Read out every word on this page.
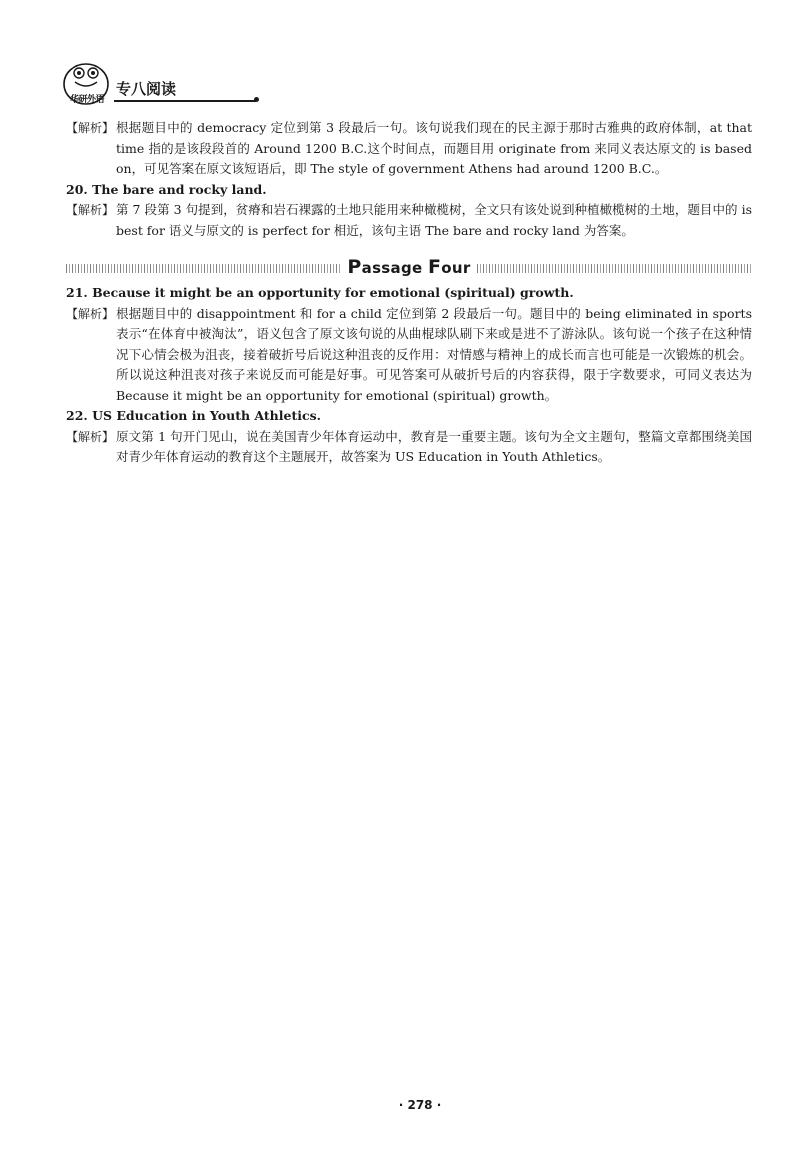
华研外语
专八阅读
【解析】 根据题目中的 democracy 定位到第 3 段最后一句。该句说我们现在的民主源于那时古雅典的政府体制，at that time 指的是该段段首的 Around 1200 B.C.这个时间点，而题目用 originate from 来同义表达原文的 is based on，可见答案在原文该短语后，即 The style of government Athens had around 1200 B.C.。

20. The bare and rocky land.

【解析】 第 7 段第 3 句提到，贫瘠和岩石裸露的土地只能用来种橄榄树，全文只有该处说到种植橄榄树的土地，题目中的 is best for 语义与原文的 is perfect for 相近，该句主语 The bare and rocky land 为答案。
Passage Four

21. Because it might be an opportunity for emotional (spiritual) growth.

【解析】 根据题目中的 disappointment 和 for a child 定位到第 2 段最后一句。题目中的 being eliminated in sports 表示“在体育中被淘汰”，语义包含了原文该句说的从曲棍球队刷下来或是进不了游泳队。该句说一个孩子在这种情况下心情会极为沮丧，接着破折号后说这种沮丧的反作用：对情感与精神上的成长而言也可能是一次锻炼的机会。所以说这种沮丧对孩子来说反而可能是好事。可见答案可从破折号后的内容获得，限于字数要求，可同义表达为 Because it might be an opportunity for emotional (spiritual) growth。

22. US Education in Youth Athletics.

【解析】 原文第 1 句开门见山，说在美国青少年体育运动中，教育是一重要主题。该句为全文主题句，整篇文章都围绕美国对青少年体育运动的教育这个主题展开，故答案为 US Education in Youth Athletics。
· 278 ·
